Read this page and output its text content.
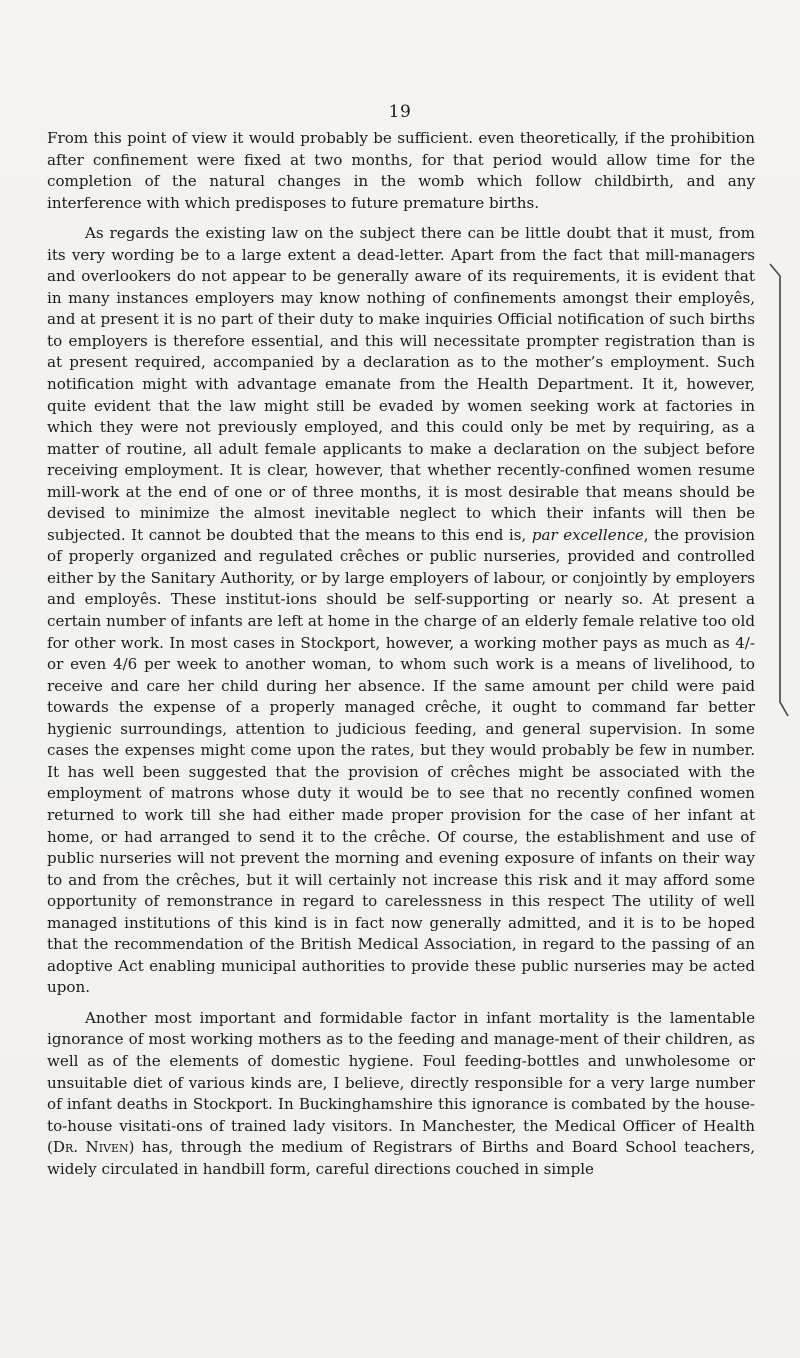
19

From this point of view it would probably be sufficient. even theoretically, if the prohibition after confinement were fixed at two months, for that period would allow time for the completion of the natural changes in the womb which follow childbirth, and any interference with which predisposes to future premature births.

As regards the existing law on the subject there can be little doubt that it must, from its very wording be to a large extent a dead-letter. Apart from the fact that mill-managers and overlookers do not appear to be generally aware of its requirements, it is evident that in many instances employers may know nothing of confinements amongst their employês, and at present it is no part of their duty to make inquiries Official notification of such births to employers is therefore essential, and this will necessitate prompter registration than is at present required, accompanied by a declaration as to the mother’s employment. Such notification might with advantage emanate from the Health Department. It it, however, quite evident that the law might still be evaded by women seeking work at factories in which they were not previously employed, and this could only be met by requiring, as a matter of routine, all adult female applicants to make a declaration on the subject before receiving employment. It is clear, however, that whether recently-confined women resume mill-work at the end of one or of three months, it is most desirable that means should be devised to minimize the almost inevitable neglect to which their infants will then be subjected. It cannot be doubted that the means to this end is, par excellence, the provision of properly organized and regulated crêches or public nurseries, provided and controlled either by the Sanitary Authority, or by large employers of labour, or conjointly by employers and employês. These institut-ions should be self-supporting or nearly so. At present a certain number of infants are left at home in the charge of an elderly female relative too old for other work. In most cases in Stockport, however, a working mother pays as much as 4/- or even 4/6 per week to another woman, to whom such work is a means of livelihood, to receive and care her child during her absence. If the same amount per child were paid towards the expense of a properly managed crêche, it ought to command far better hygienic surroundings, attention to judicious feeding, and general supervision. In some cases the expenses might come upon the rates, but they would probably be few in number. It has well been suggested that the provision of crêches might be associated with the employment of matrons whose duty it would be to see that no recently confined women returned to work till she had either made proper provision for the case of her infant at home, or had arranged to send it to the crêche. Of course, the establishment and use of public nurseries will not prevent the morning and evening exposure of infants on their way to and from the crêches, but it will certainly not increase this risk and it may afford some opportunity of remonstrance in regard to carelessness in this respect The utility of well managed institutions of this kind is in fact now generally admitted, and it is to be hoped that the recommendation of the British Medical Association, in regard to the passing of an adoptive Act enabling municipal authorities to provide these public nurseries may be acted upon.

Another most important and formidable factor in infant mortality is the lamentable ignorance of most working mothers as to the feeding and manage-ment of their children, as well as of the elements of domestic hygiene. Foul feeding-bottles and unwholesome or unsuitable diet of various kinds are, I believe, directly responsible for a very large number of infant deaths in Stockport. In Buckinghamshire this ignorance is combated by the house-to-house visitati-ons of trained lady visitors. In Manchester, the Medical Officer of Health (Dr. Niven) has, through the medium of Registrars of Births and Board School teachers, widely circulated in handbill form, careful directions couched in simple
